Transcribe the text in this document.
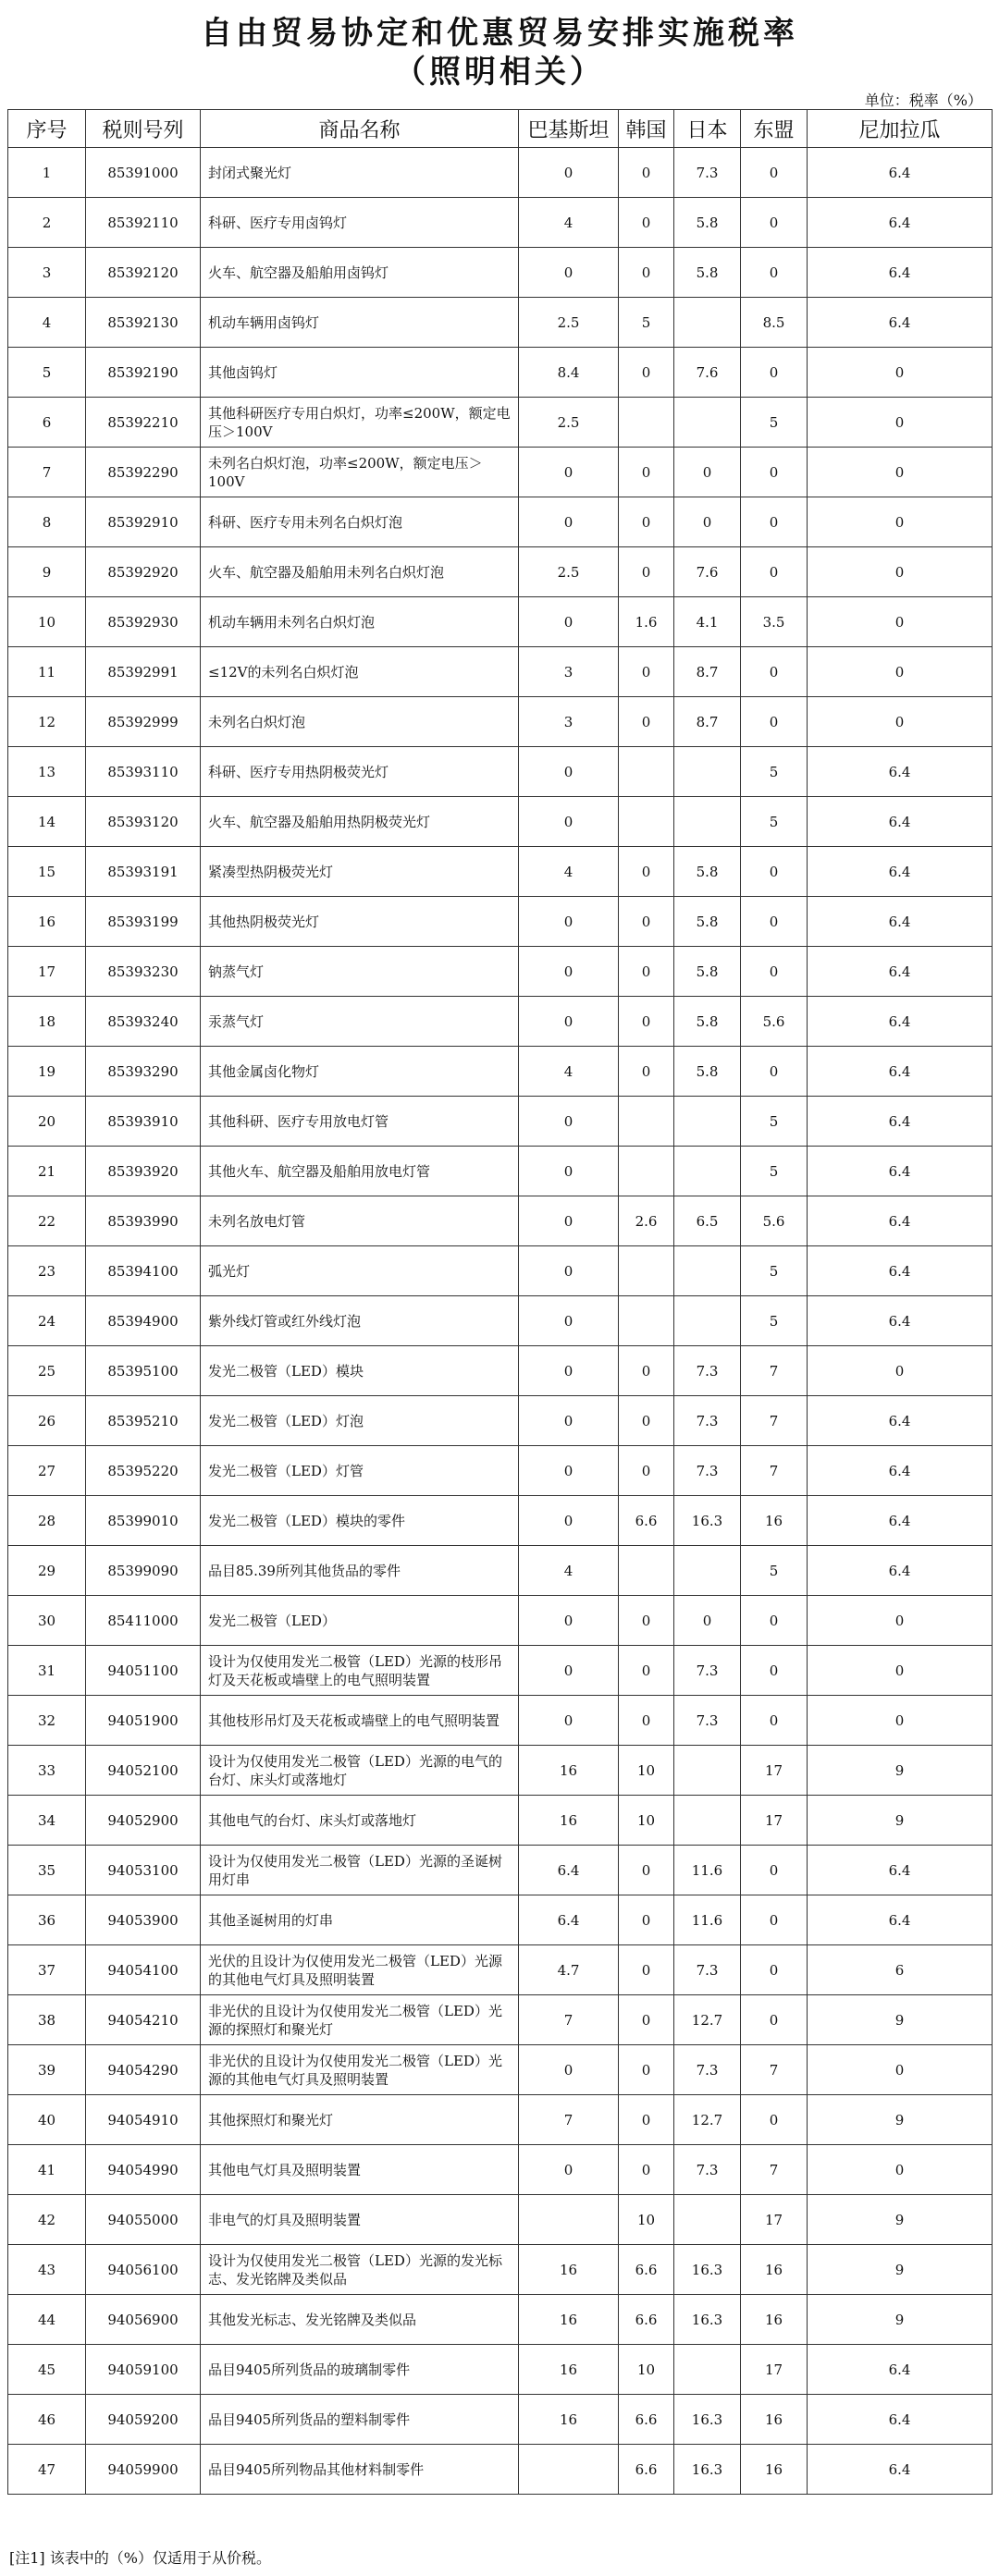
自由贸易协定和优惠贸易安排实施税率
（照明相关）
单位：税率（%）
序号	税则号列	商品名称	巴基斯坦	韩国	日本	东盟	尼加拉瓜
1	85391000	封闭式聚光灯	0	0	7.3	0	6.4
2	85392110	科研、医疗专用卤钨灯	4	0	5.8	0	6.4
3	85392120	火车、航空器及船舶用卤钨灯	0	0	5.8	0	6.4
4	85392130	机动车辆用卤钨灯	2.5	5		8.5	6.4
5	85392190	其他卤钨灯	8.4	0	7.6	0	0
6	85392210	其他科研医疗专用白炽灯，功率≤200W，额定电压＞100V	2.5			5	0
7	85392290	未列名白炽灯泡，功率≤200W，额定电压＞100V	0	0	0	0	0
8	85392910	科研、医疗专用未列名白炽灯泡	0	0	0	0	0
9	85392920	火车、航空器及船舶用未列名白炽灯泡	2.5	0	7.6	0	0
10	85392930	机动车辆用未列名白炽灯泡	0	1.6	4.1	3.5	0
11	85392991	≤12V的未列名白炽灯泡	3	0	8.7	0	0
12	85392999	未列名白炽灯泡	3	0	8.7	0	0
13	85393110	科研、医疗专用热阴极荧光灯	0			5	6.4
14	85393120	火车、航空器及船舶用热阴极荧光灯	0			5	6.4
15	85393191	紧凑型热阴极荧光灯	4	0	5.8	0	6.4
16	85393199	其他热阴极荧光灯	0	0	5.8	0	6.4
17	85393230	钠蒸气灯	0	0	5.8	0	6.4
18	85393240	汞蒸气灯	0	0	5.8	5.6	6.4
19	85393290	其他金属卤化物灯	4	0	5.8	0	6.4
20	85393910	其他科研、医疗专用放电灯管	0			5	6.4
21	85393920	其他火车、航空器及船舶用放电灯管	0			5	6.4
22	85393990	未列名放电灯管	0	2.6	6.5	5.6	6.4
23	85394100	弧光灯	0			5	6.4
24	85394900	紫外线灯管或红外线灯泡	0			5	6.4
25	85395100	发光二极管（LED）模块	0	0	7.3	7	0
26	85395210	发光二极管（LED）灯泡	0	0	7.3	7	6.4
27	85395220	发光二极管（LED）灯管	0	0	7.3	7	6.4
28	85399010	发光二极管（LED）模块的零件	0	6.6	16.3	16	6.4
29	85399090	品目85.39所列其他货品的零件	4			5	6.4
30	85411000	发光二极管（LED）	0	0	0	0	0
31	94051100	设计为仅使用发光二极管（LED）光源的枝形吊灯及天花板或墙壁上的电气照明装置	0	0	7.3	0	0
32	94051900	其他枝形吊灯及天花板或墙壁上的电气照明装置	0	0	7.3	0	0
33	94052100	设计为仅使用发光二极管（LED）光源的电气的台灯、床头灯或落地灯	16	10		17	9
34	94052900	其他电气的台灯、床头灯或落地灯	16	10		17	9
35	94053100	设计为仅使用发光二极管（LED）光源的圣诞树用灯串	6.4	0	11.6	0	6.4
36	94053900	其他圣诞树用的灯串	6.4	0	11.6	0	6.4
37	94054100	光伏的且设计为仅使用发光二极管（LED）光源的其他电气灯具及照明装置	4.7	0	7.3	0	6
38	94054210	非光伏的且设计为仅使用发光二极管（LED）光源的探照灯和聚光灯	7	0	12.7	0	9
39	94054290	非光伏的且设计为仅使用发光二极管（LED）光源的其他电气灯具及照明装置	0	0	7.3	7	0
40	94054910	其他探照灯和聚光灯	7	0	12.7	0	9
41	94054990	其他电气灯具及照明装置	0	0	7.3	7	0
42	94055000	非电气的灯具及照明装置		10		17	9
43	94056100	设计为仅使用发光二极管（LED）光源的发光标志、发光铭牌及类似品	16	6.6	16.3	16	9
44	94056900	其他发光标志、发光铭牌及类似品	16	6.6	16.3	16	9
45	94059100	品目9405所列货品的玻璃制零件	16	10		17	6.4
46	94059200	品目9405所列货品的塑料制零件	16	6.6	16.3	16	6.4
47	94059900	品目9405所列物品其他材料制零件		6.6	16.3	16	6.4
[注1] 该表中的（%）仅适用于从价税。
